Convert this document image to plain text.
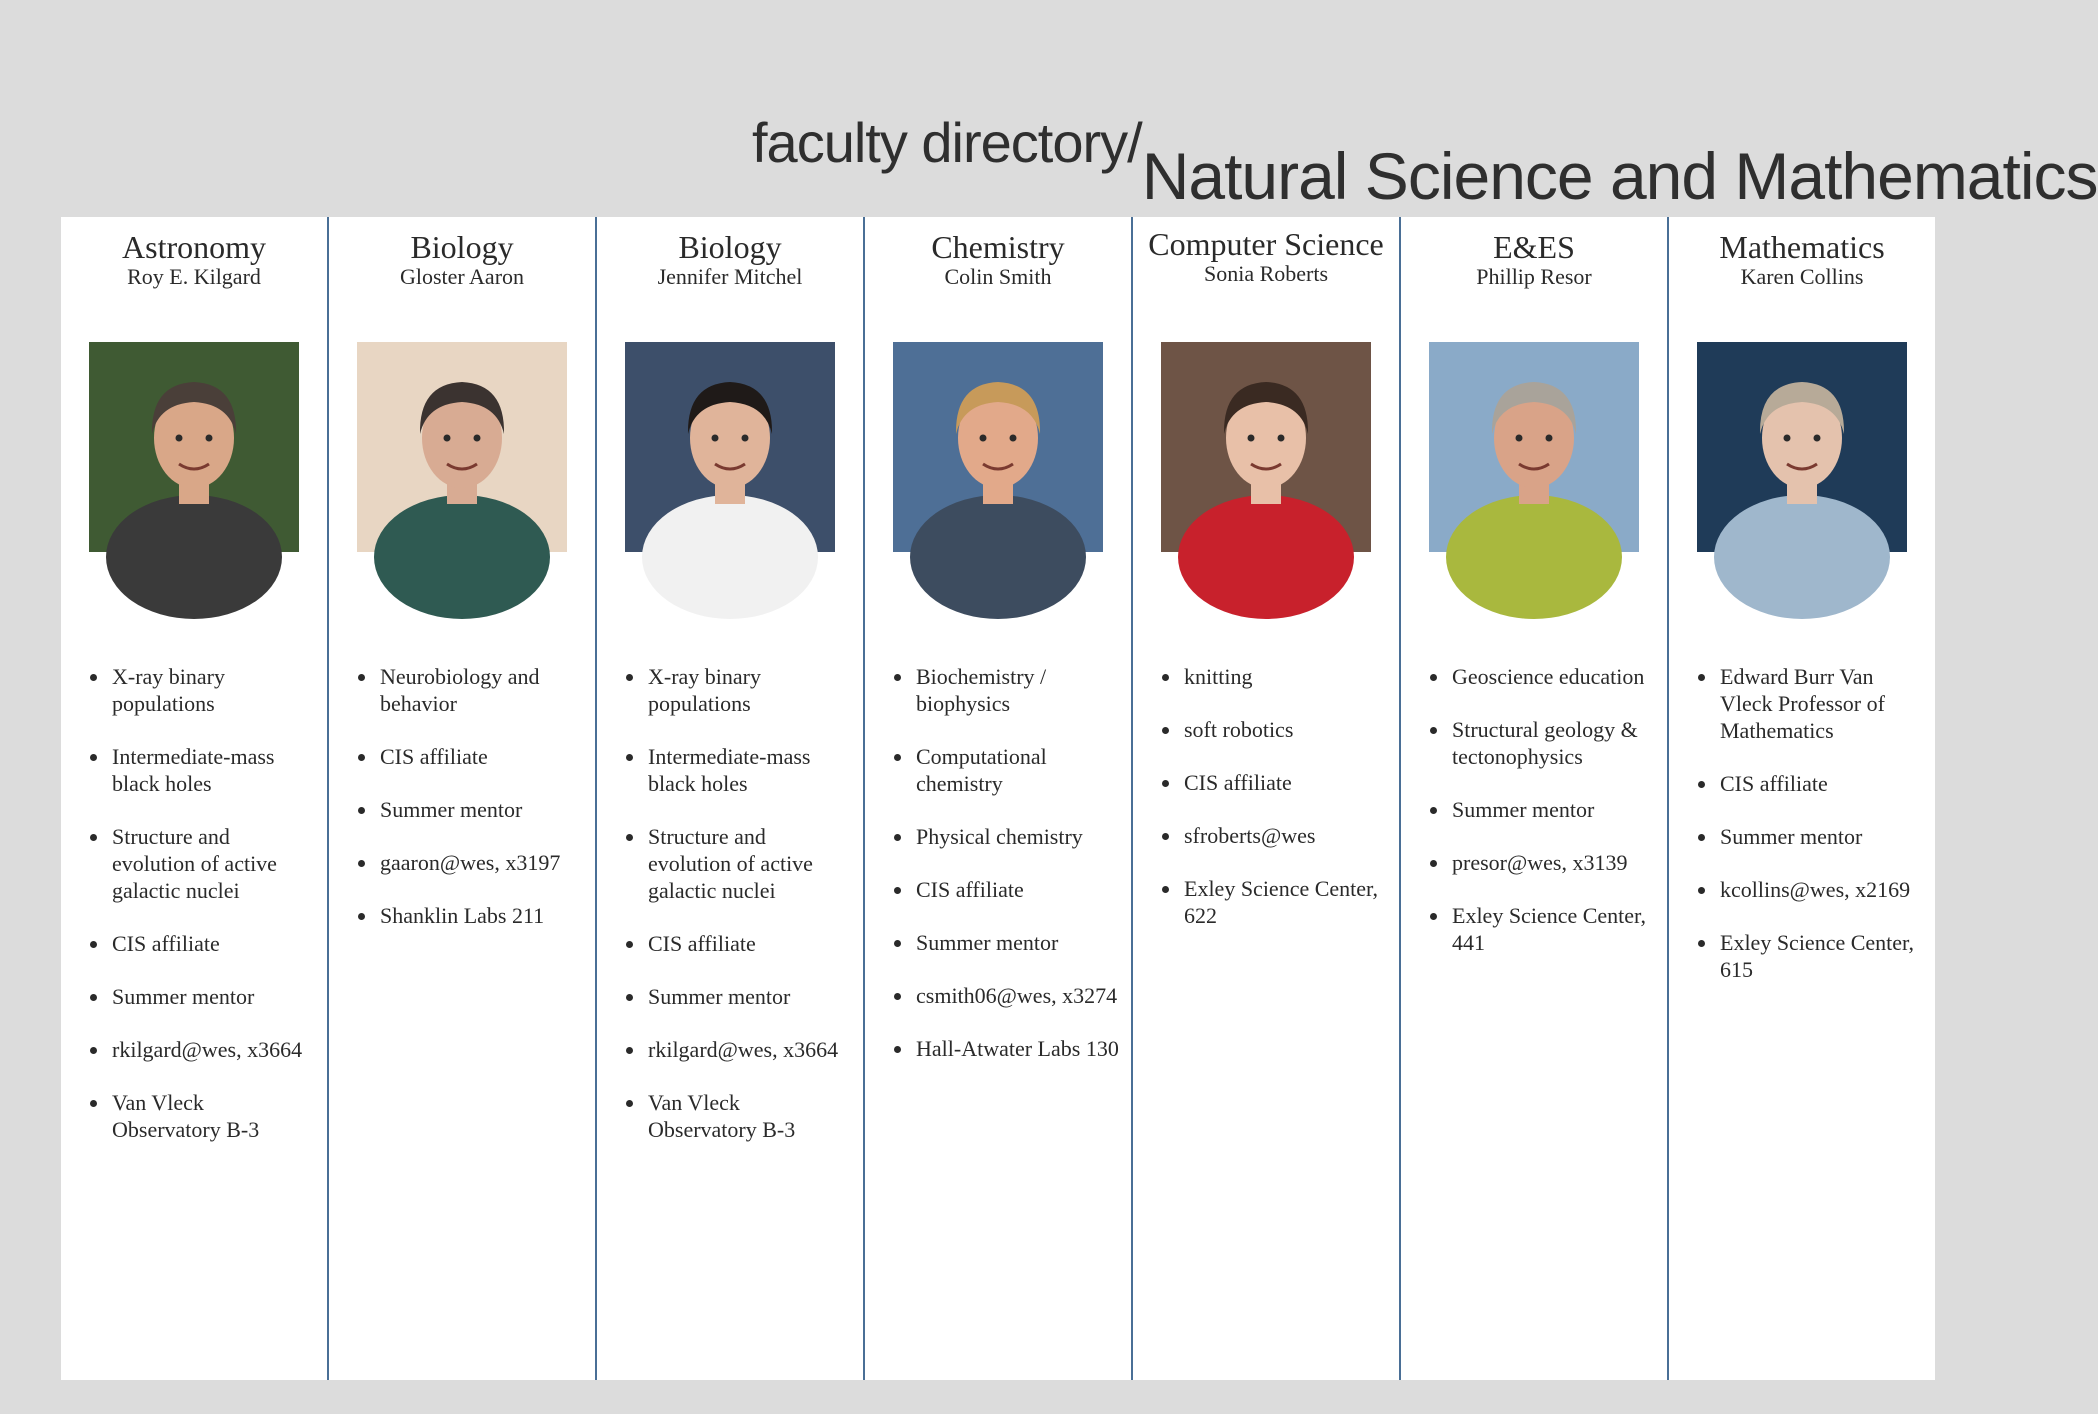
faculty directory/Natural Science and Mathematics
Astronomy
Roy E. Kilgard
• X-ray binary populations
• Intermediate-mass black holes
• Structure and evolution of active galactic nuclei
• CIS affiliate
• Summer mentor
• rkilgard@wes, x3664
• Van Vleck Observatory B-3
Biology
Gloster Aaron
• Neurobiology and behavior
• CIS affiliate
• Summer mentor
• gaaron@wes, x3197
• Shanklin Labs 211
Biology
Jennifer Mitchel
• X-ray binary populations
• Intermediate-mass black holes
• Structure and evolution of active galactic nuclei
• CIS affiliate
• Summer mentor
• rkilgard@wes, x3664
• Van Vleck Observatory B-3
Chemistry
Colin Smith
• Biochemistry / biophysics
• Computational chemistry
• Physical chemistry
• CIS affiliate
• Summer mentor
• csmith06@wes, x3274
• Hall-Atwater Labs 130
Computer Science
Sonia Roberts
• knitting
• soft robotics
• CIS affiliate
• sfroberts@wes
• Exley Science Center, 622
E&ES
Phillip Resor
• Geoscience education
• Structural geology & tectonophysics
• Summer mentor
• presor@wes, x3139
• Exley Science Center, 441
Mathematics
Karen Collins
• Edward Burr Van Vleck Professor of Mathematics
• CIS affiliate
• Summer mentor
• kcollins@wes, x2169
• Exley Science Center, 615
